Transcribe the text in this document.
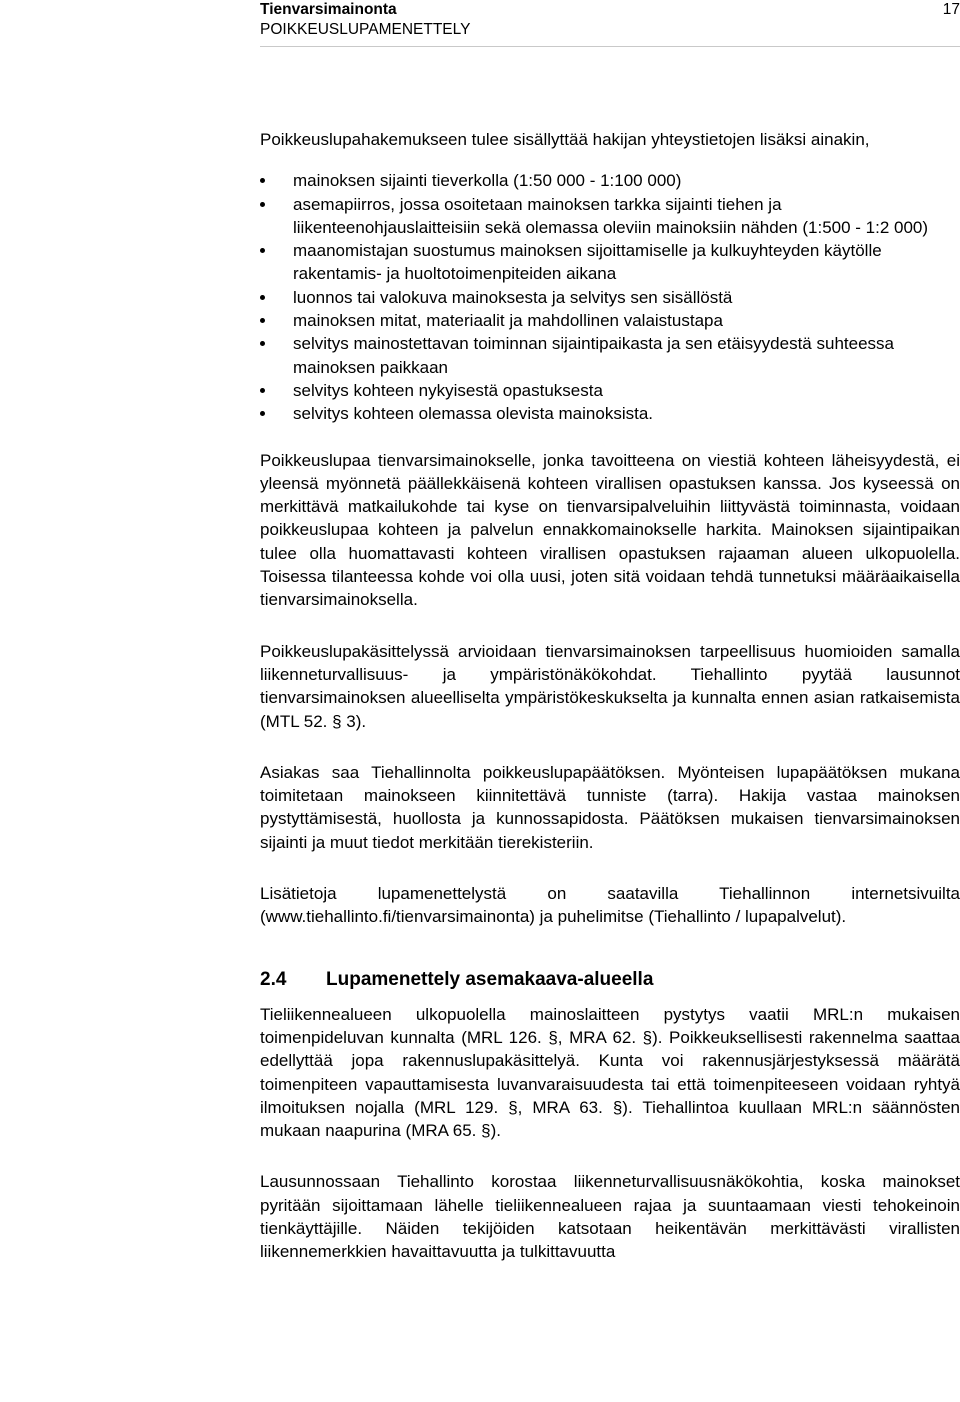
Tienvarsimainonta
POIKKEUSLUPAMENETTELY
17

Poikkeuslupahakemukseen tulee sisällyttää hakijan yhteystietojen lisäksi ainakin,

mainoksen sijainti tieverkolla (1:50 000 - 1:100 000)
asemapiirros, jossa osoitetaan mainoksen tarkka sijainti tiehen ja liikenteenohjauslaitteisiin sekä olemassa oleviin mainoksiin nähden (1:500 - 1:2 000)
maanomistajan suostumus mainoksen sijoittamiselle ja kulkuyhteyden käytölle rakentamis- ja huoltotoimenpiteiden aikana
luonnos tai valokuva mainoksesta ja selvitys sen sisällöstä
mainoksen mitat, materiaalit ja mahdollinen valaistustapa
selvitys mainostettavan toiminnan sijaintipaikasta ja sen etäisyydestä suhteessa mainoksen paikkaan
selvitys kohteen nykyisestä opastuksesta
selvitys kohteen olemassa olevista mainoksista.

Poikkeuslupaa tienvarsimainokselle, jonka tavoitteena on viestiä kohteen läheisyydestä, ei yleensä myönnetä päällekkäisenä kohteen virallisen opastuksen kanssa. Jos kyseessä on merkittävä matkailukohde tai kyse on tienvarsipalveluihin liittyvästä toiminnasta, voidaan poikkeuslupaa kohteen ja palvelun ennakkomainokselle harkita. Mainoksen sijaintipaikan tulee olla huomattavasti kohteen virallisen opastuksen rajaaman alueen ulkopuolella. Toisessa tilanteessa kohde voi olla uusi, joten sitä voidaan tehdä tunnetuksi määräaikaisella tienvarsimainoksella.

Poikkeuslupakäsittelyssä arvioidaan tienvarsimainoksen tarpeellisuus huomioiden samalla liikenneturvallisuus- ja ympäristönäkökohdat. Tiehallinto pyytää lausunnot tienvarsimainoksen alueelliselta ympäristökeskukselta ja kunnalta ennen asian ratkaisemista (MTL 52. § 3).

Asiakas saa Tiehallinnolta poikkeuslupapäätöksen. Myönteisen lupapäätöksen mukana toimitetaan mainokseen kiinnitettävä tunniste (tarra). Hakija vastaa mainoksen pystyttämisestä, huollosta ja kunnossapidosta. Päätöksen mukaisen tienvarsimainoksen sijainti ja muut tiedot merkitään tierekisteriin.

Lisätietoja lupamenettelystä on saatavilla Tiehallinnon internetsivuilta (www.tiehallinto.fi/tienvarsimainonta) ja puhelimitse (Tiehallinto / lupapalvelut).

2.4	Lupamenettely asemakaava-alueella

Tieliikennealueen ulkopuolella mainoslaitteen pystytys vaatii MRL:n mukaisen toimenpideluvan kunnalta (MRL 126. §, MRA 62. §). Poikkeuksellisesti rakennelma saattaa edellyttää jopa rakennuslupakäsittelyä. Kunta voi rakennusjärjestyksessä määrätä toimenpiteen vapauttamisesta luvanvaraisuudesta tai että toimenpiteeseen voidaan ryhtyä ilmoituksen nojalla (MRL 129. §, MRA 63. §). Tiehallintoa kuullaan MRL:n säännösten mukaan naapurina (MRA 65. §).

Lausunnossaan Tiehallinto korostaa liikenneturvallisuusnäkökohtia, koska mainokset pyritään sijoittamaan lähelle tieliikennealueen rajaa ja suuntaamaan viesti tehokeinoin tienkäyttäjille. Näiden tekijöiden katsotaan heikentävän merkittävästi virallisten liikennemerkkien havaittavuutta ja tulkittavuutta
